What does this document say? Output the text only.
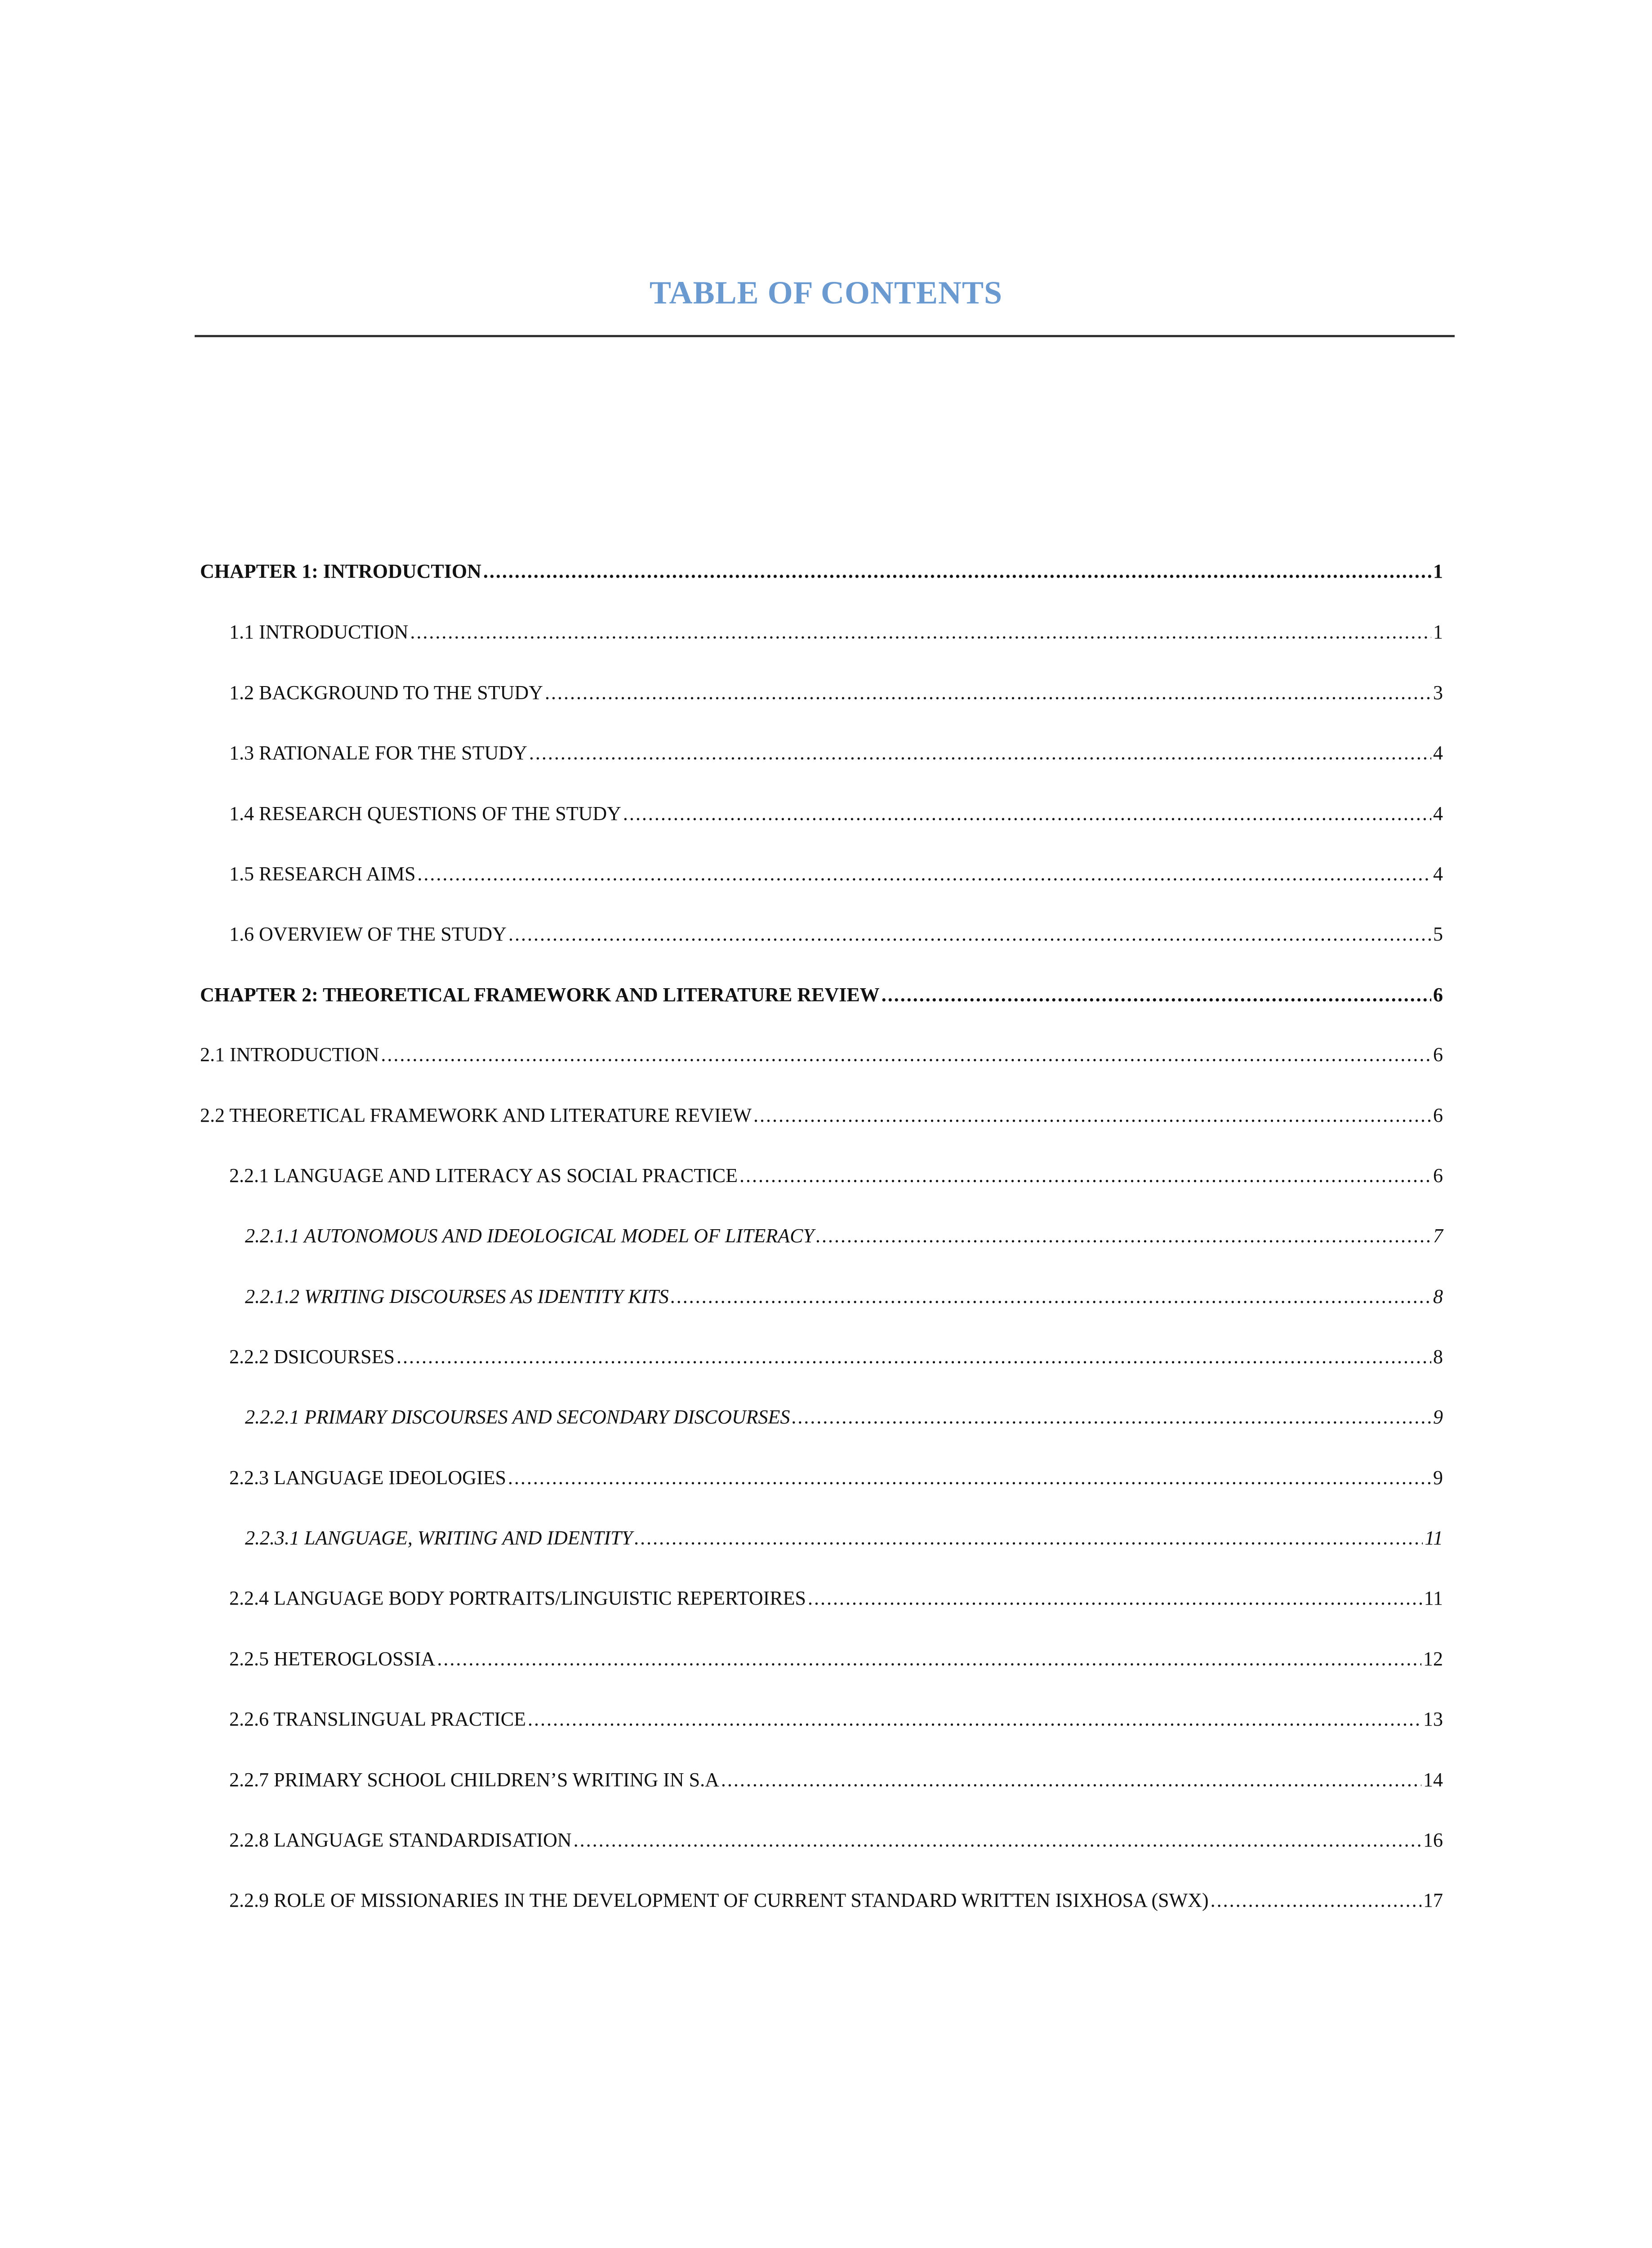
TABLE OF CONTENTS
CHAPTER 1: INTRODUCTION .....	1
1.1 INTRODUCTION .....	1
1.2 BACKGROUND TO THE STUDY .....	3
1.3 RATIONALE FOR THE STUDY .....	4
1.4 RESEARCH QUESTIONS OF THE STUDY .....	4
1.5 RESEARCH AIMS .....	4
1.6 OVERVIEW OF THE STUDY .....	5
CHAPTER 2: THEORETICAL FRAMEWORK AND LITERATURE REVIEW .....	6
2.1 INTRODUCTION .....	6
2.2 THEORETICAL FRAMEWORK AND LITERATURE REVIEW .....	6
2.2.1 LANGUAGE AND LITERACY AS SOCIAL PRACTICE .....	6
2.2.1.1 AUTONOMOUS AND IDEOLOGICAL MODEL OF LITERACY .....	7
2.2.1.2 WRITING DISCOURSES AS IDENTITY KITS .....	8
2.2.2 DSICOURSES .....	8
2.2.2.1 PRIMARY DISCOURSES AND SECONDARY DISCOURSES .....	9
2.2.3 LANGUAGE IDEOLOGIES .....	9
2.2.3.1 LANGUAGE, WRITING AND IDENTITY .....	11
2.2.4 LANGUAGE BODY PORTRAITS/LINGUISTIC REPERTOIRES .....	11
2.2.5 HETEROGLOSSIA .....	12
2.2.6 TRANSLINGUAL PRACTICE .....	13
2.2.7 PRIMARY SCHOOL CHILDREN’S WRITING IN S.A .....	14
2.2.8 LANGUAGE STANDARDISATION .....	16
2.2.9 ROLE OF MISSIONARIES IN THE DEVELOPMENT OF CURRENT STANDARD WRITTEN ISIXHOSA (SWX) .....	17
